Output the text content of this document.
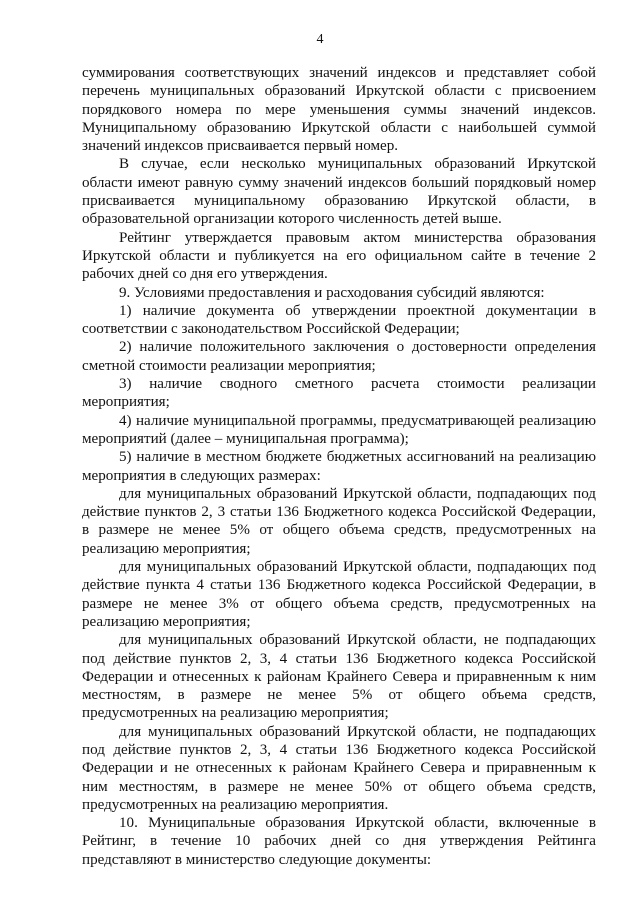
4

суммирования соответствующих значений индексов и представляет собой перечень муниципальных образований Иркутской области с присвоением порядкового номера по мере уменьшения суммы значений индексов. Муниципальному образованию Иркутской области с наибольшей суммой значений индексов присваивается первый номер.

В случае, если несколько муниципальных образований Иркутской области имеют равную сумму значений индексов больший порядковый номер присваивается муниципальному образованию Иркутской области, в образовательной организации которого численность детей выше.

Рейтинг утверждается правовым актом министерства образования Иркутской области и публикуется на его официальном сайте в течение 2 рабочих дней со дня его утверждения.

9. Условиями предоставления и расходования субсидий являются:

1) наличие документа об утверждении проектной документации в соответствии с законодательством Российской Федерации;

2) наличие положительного заключения о достоверности определения сметной стоимости реализации мероприятия;

3) наличие сводного сметного расчета стоимости реализации мероприятия;

4) наличие муниципальной программы, предусматривающей реализацию мероприятий (далее – муниципальная программа);

5) наличие в местном бюджете бюджетных ассигнований на реализацию мероприятия в следующих размерах:

для муниципальных образований Иркутской области, подпадающих под действие пунктов 2, 3 статьи 136 Бюджетного кодекса Российской Федерации, в размере не менее 5% от общего объема средств, предусмотренных на реализацию мероприятия;

для муниципальных образований Иркутской области, подпадающих под действие пункта 4 статьи 136 Бюджетного кодекса Российской Федерации, в размере не менее 3% от общего объема средств, предусмотренных на реализацию мероприятия;

для муниципальных образований Иркутской области, не подпадающих под действие пунктов 2, 3, 4 статьи 136 Бюджетного кодекса Российской Федерации и отнесенных к районам Крайнего Севера и приравненным к ним местностям, в размере не менее 5% от общего объема средств, предусмотренных на реализацию мероприятия;

для муниципальных образований Иркутской области, не подпадающих под действие пунктов 2, 3, 4 статьи 136 Бюджетного кодекса Российской Федерации и не отнесенных к районам Крайнего Севера и приравненным к ним местностям, в размере не менее 50% от общего объема средств, предусмотренных на реализацию мероприятия.

10. Муниципальные образования Иркутской области, включенные в Рейтинг, в течение 10 рабочих дней со дня утверждения Рейтинга представляют в министерство следующие документы:
